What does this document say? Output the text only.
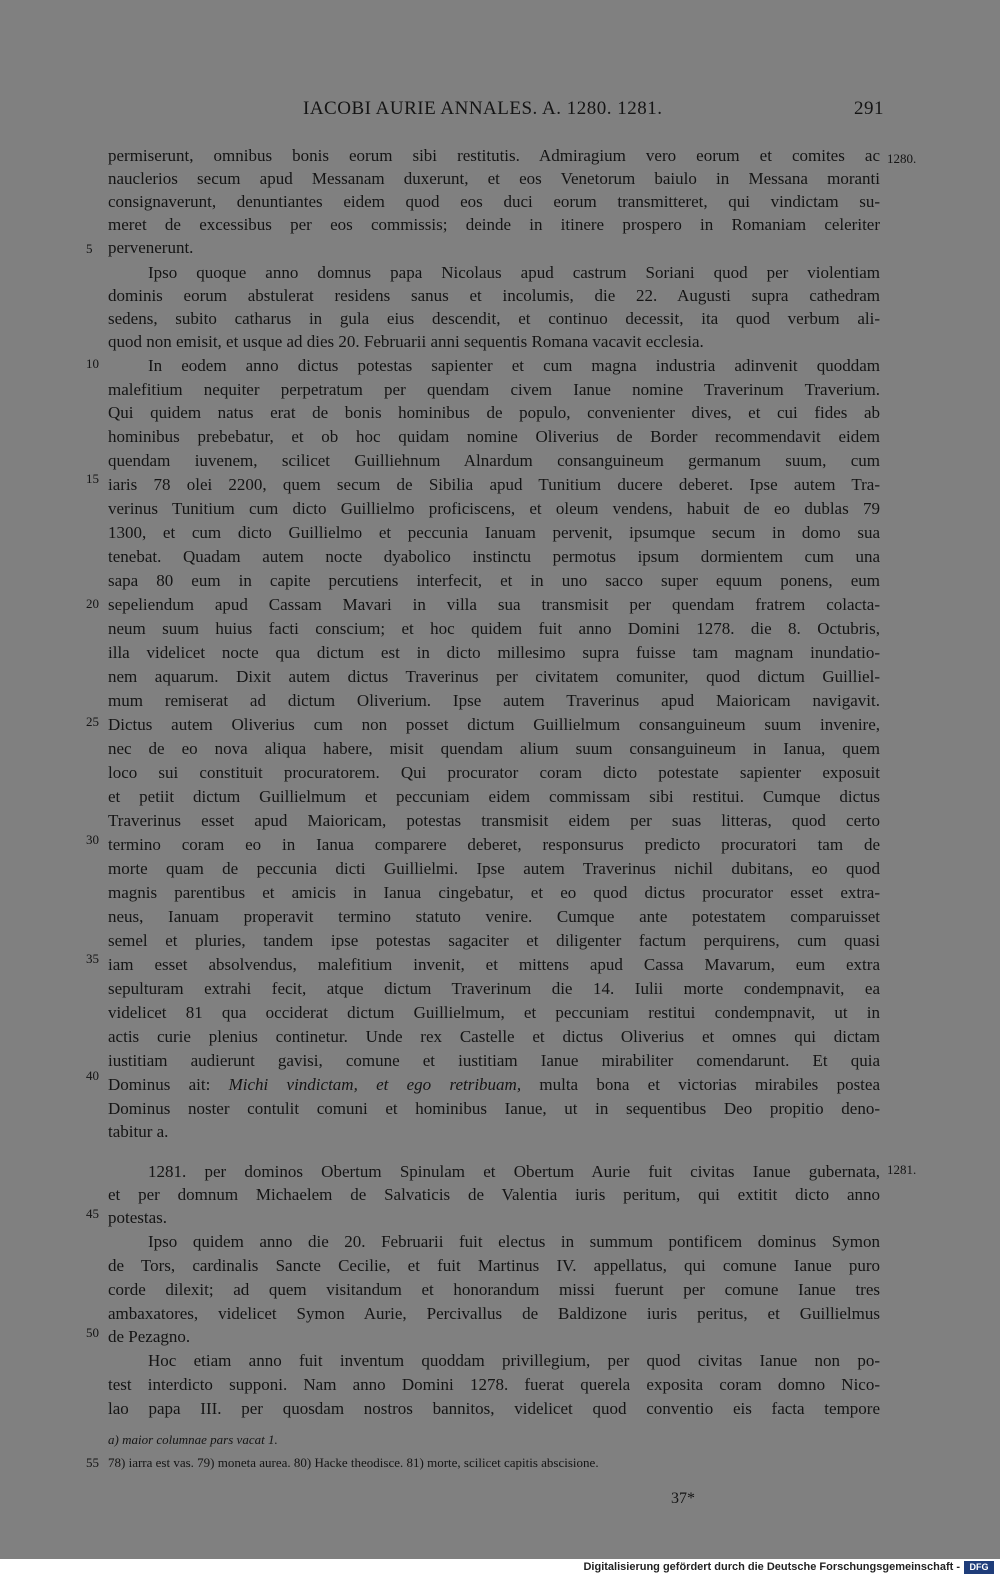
IACOBI AURIE ANNALES. A. 1280. 1281.	291
1280.
1281.
5
10
15
20
25
30
35
40
45
50
55
permiserunt, omnibus bonis eorum sibi restitutis. Admiragium vero eorum et comites ac
nauclerios secum apud Messanam duxerunt, et eos Venetorum baiulo in Messana moranti
consignaverunt, denuntiantes eidem quod eos duci eorum transmitteret, qui vindictam su-
meret de excessibus per eos commissis; deinde in itinere prospero in Romaniam celeriter
pervenerunt.
Ipso quoque anno domnus papa Nicolaus apud castrum Soriani quod per violentiam
dominis eorum abstulerat residens sanus et incolumis, die 22. Augusti supra cathedram
sedens, subito catharus in gula eius descendit, et continuo decessit, ita quod verbum ali-
quod non emisit, et usque ad dies 20. Februarii anni sequentis Romana vacavit ecclesia.
In eodem anno dictus potestas sapienter et cum magna industria adinvenit quoddam
malefitium nequiter perpetratum per quendam civem Ianue nomine Traverinum Traverium.
Qui quidem natus erat de bonis hominibus de populo, convenienter dives, et cui fides ab
hominibus prebebatur, et ob hoc quidam nomine Oliverius de Border recommendavit eidem
quendam iuvenem, scilicet Guilliehnum Alnardum consanguineum germanum suum, cum
iaris 78 olei 2200, quem secum de Sibilia apud Tunitium ducere deberet. Ipse autem Tra-
verinus Tunitium cum dicto Guillielmo proficiscens, et oleum vendens, habuit de eo dublas 79
1300, et cum dicto Guillielmo et peccunia Ianuam pervenit, ipsumque secum in domo sua
tenebat. Quadam autem nocte dyabolico instinctu permotus ipsum dormientem cum una
sapa 80 eum in capite percutiens interfecit, et in uno sacco super equum ponens, eum
sepeliendum apud Cassam Mavari in villa sua transmisit per quendam fratrem colacta-
neum suum huius facti conscium; et hoc quidem fuit anno Domini 1278. die 8. Octubris,
illa videlicet nocte qua dictum est in dicto millesimo supra fuisse tam magnam inundatio-
nem aquarum. Dixit autem dictus Traverinus per civitatem comuniter, quod dictum Guilliel-
mum remiserat ad dictum Oliverium. Ipse autem Traverinus apud Maioricam navigavit.
Dictus autem Oliverius cum non posset dictum Guillielmum consanguineum suum invenire,
nec de eo nova aliqua habere, misit quendam alium suum consanguineum in Ianua, quem
loco sui constituit procuratorem. Qui procurator coram dicto potestate sapienter exposuit
et petiit dictum Guillielmum et peccuniam eidem commissam sibi restitui. Cumque dictus
Traverinus esset apud Maioricam, potestas transmisit eidem per suas litteras, quod certo
termino coram eo in Ianua comparere deberet, responsurus predicto procuratori tam de
morte quam de peccunia dicti Guillielmi. Ipse autem Traverinus nichil dubitans, eo quod
magnis parentibus et amicis in Ianua cingebatur, et eo quod dictus procurator esset extra-
neus, Ianuam properavit termino statuto venire. Cumque ante potestatem comparuisset
semel et pluries, tandem ipse potestas sagaciter et diligenter factum perquirens, cum quasi
iam esset absolvendus, malefitium invenit, et mittens apud Cassa Mavarum, eum extra
sepulturam extrahi fecit, atque dictum Traverinum die 14. Iulii morte condempnavit, ea
videlicet 81 qua occiderat dictum Guillielmum, et peccuniam restitui condempnavit, ut in
actis curie plenius continetur. Unde rex Castelle et dictus Oliverius et omnes qui dictam
iustitiam audierunt gavisi, comune et iustitiam Ianue mirabiliter comendarunt. Et quia
Dominus ait: Michi vindictam, et ego retribuam, multa bona et victorias mirabiles postea
Dominus noster contulit comuni et hominibus Ianue, ut in sequentibus Deo propitio deno-
tabitur a.
1281. per dominos Obertum Spinulam et Obertum Aurie fuit civitas Ianue gubernata,
et per domnum Michaelem de Salvaticis de Valentia iuris peritum, qui extitit dicto anno
potestas.
Ipso quidem anno die 20. Februarii fuit electus in summum pontificem dominus Symon
de Tors, cardinalis Sancte Cecilie, et fuit Martinus IV. appellatus, qui comune Ianue puro
corde dilexit; ad quem visitandum et honorandum missi fuerunt per comune Ianue tres
ambaxatores, videlicet Symon Aurie, Percivallus de Baldizone iuris peritus, et Guillielmus
de Pezagno.
Hoc etiam anno fuit inventum quoddam privillegium, per quod civitas Ianue non po-
test interdicto supponi. Nam anno Domini 1278. fuerat querela exposita coram domno Nico-
lao papa III. per quosdam nostros bannitos, videlicet quod conventio eis facta tempore
a) maior columnae pars vacat 1.
78) iarra est vas. 79) moneta aurea. 80) Hacke theodisce. 81) morte, scilicet capitis abscisione.
37*
Digitalisierung gefördert durch die Deutsche Forschungsgemeinschaft -	DFG
